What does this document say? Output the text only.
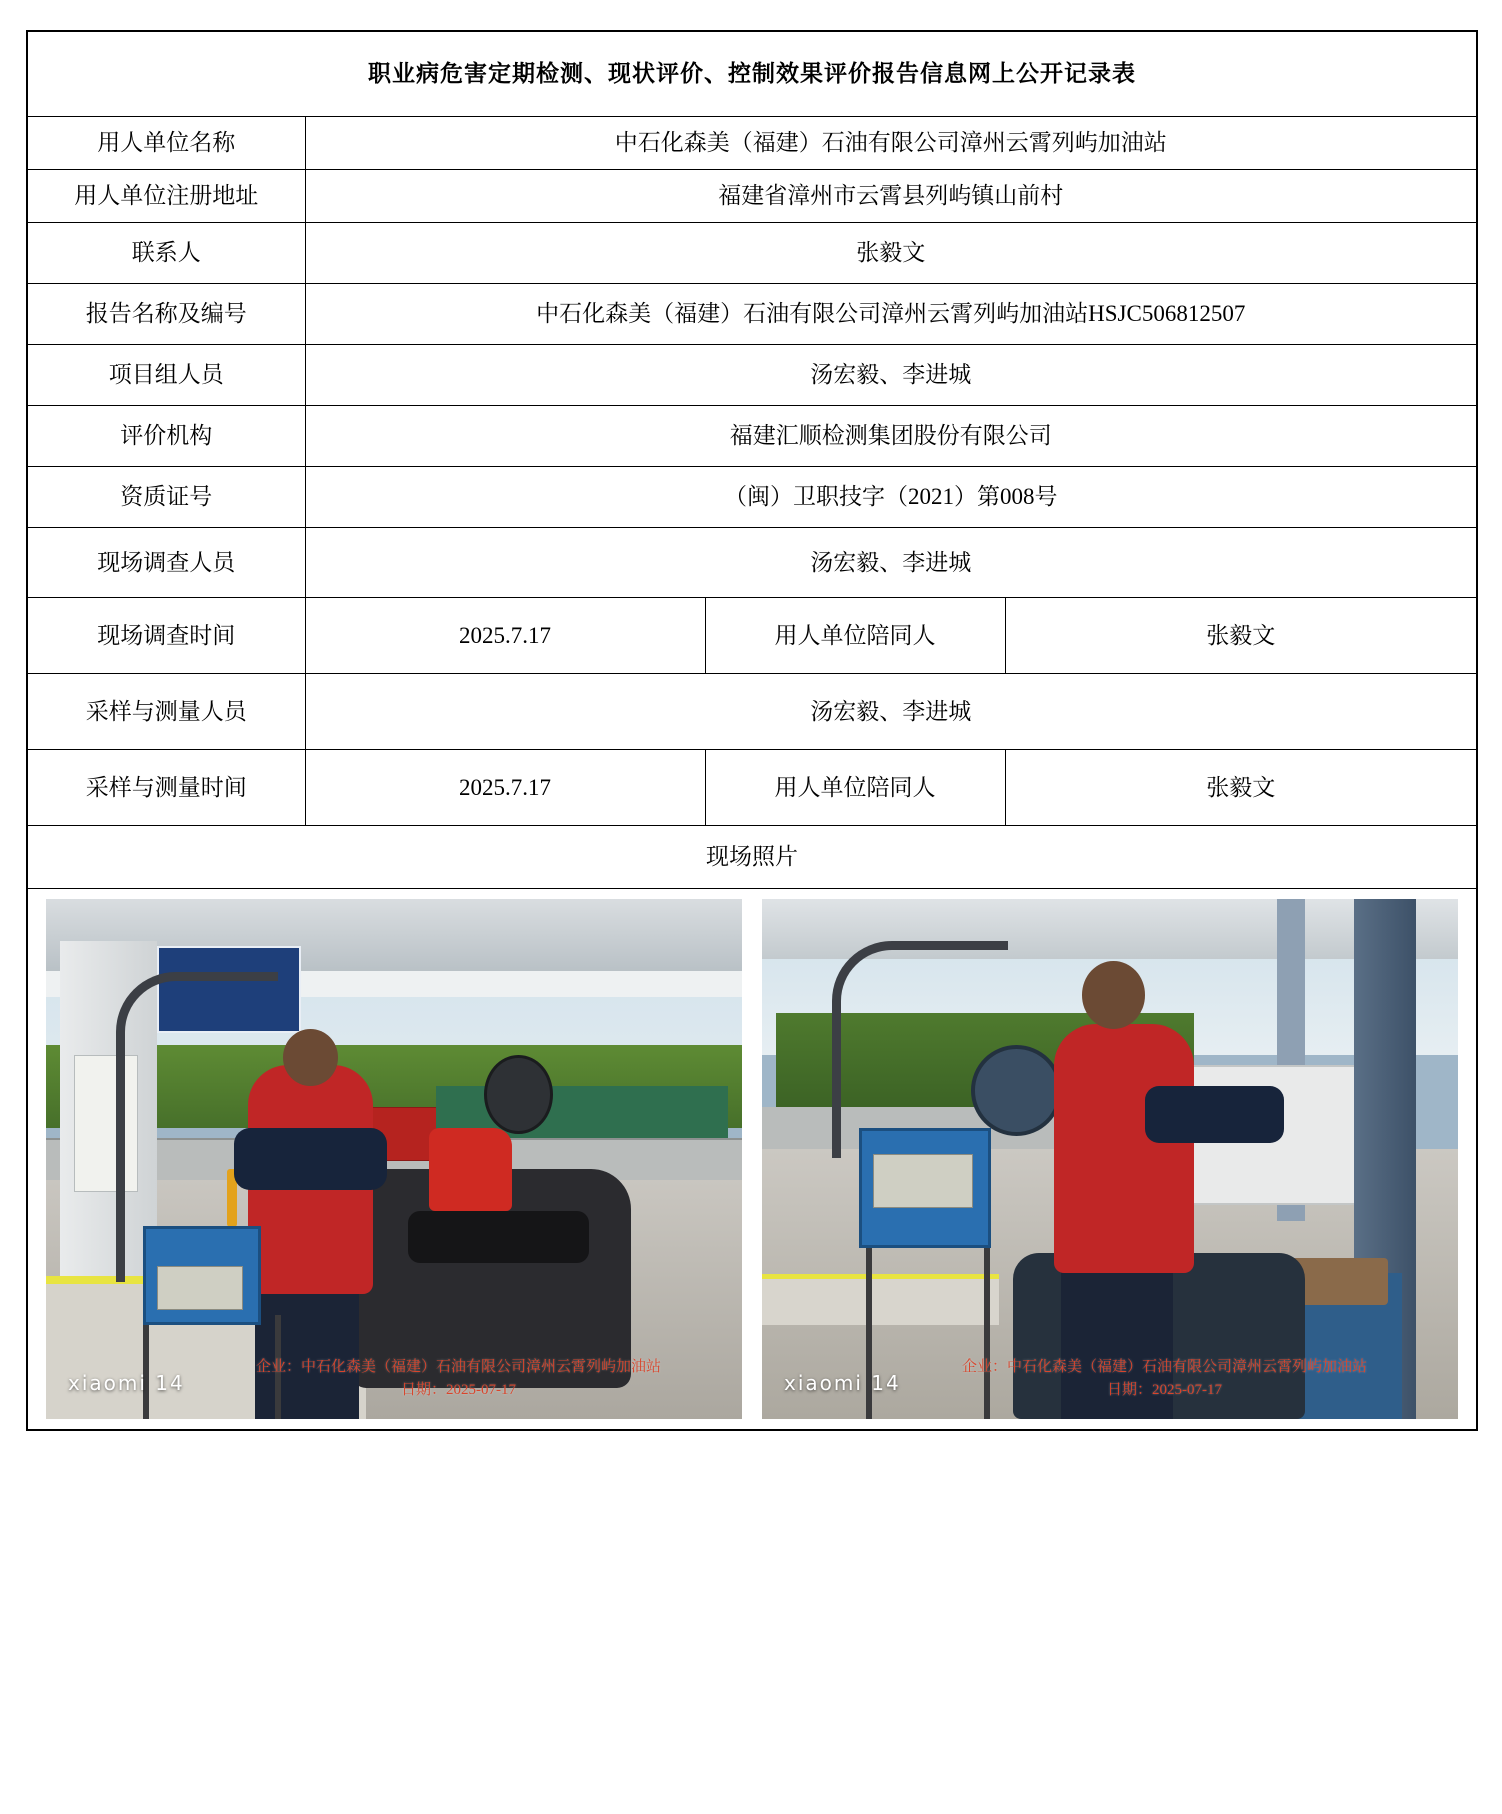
职业病危害定期检测、现状评价、控制效果评价报告信息网上公开记录表			
用人单位名称	中石化森美（福建）石油有限公司漳州云霄列屿加油站		
用人单位注册地址	福建省漳州市云霄县列屿镇山前村		
联系人	张毅文		
报告名称及编号	中石化森美（福建）石油有限公司漳州云霄列屿加油站HSJC506812507		
项目组人员	汤宏毅、李进城		
评价机构	福建汇顺检测集团股份有限公司		
资质证号	（闽）卫职技字（2021）第008号		
现场调查人员	汤宏毅、李进城		
现场调查时间	2025.7.17	用人单位陪同人	张毅文
采样与测量人员	汤宏毅、李进城		
采样与测量时间	2025.7.17	用人单位陪同人	张毅文
现场照片			

xiaomi 14
企业：中石化森美（福建）石油有限公司漳州云霄列屿加油站
日期：2025-07-17	xiaomi 14
企业：中石化森美（福建）石油有限公司漳州云霄列屿加油站
日期：2025-07-17
